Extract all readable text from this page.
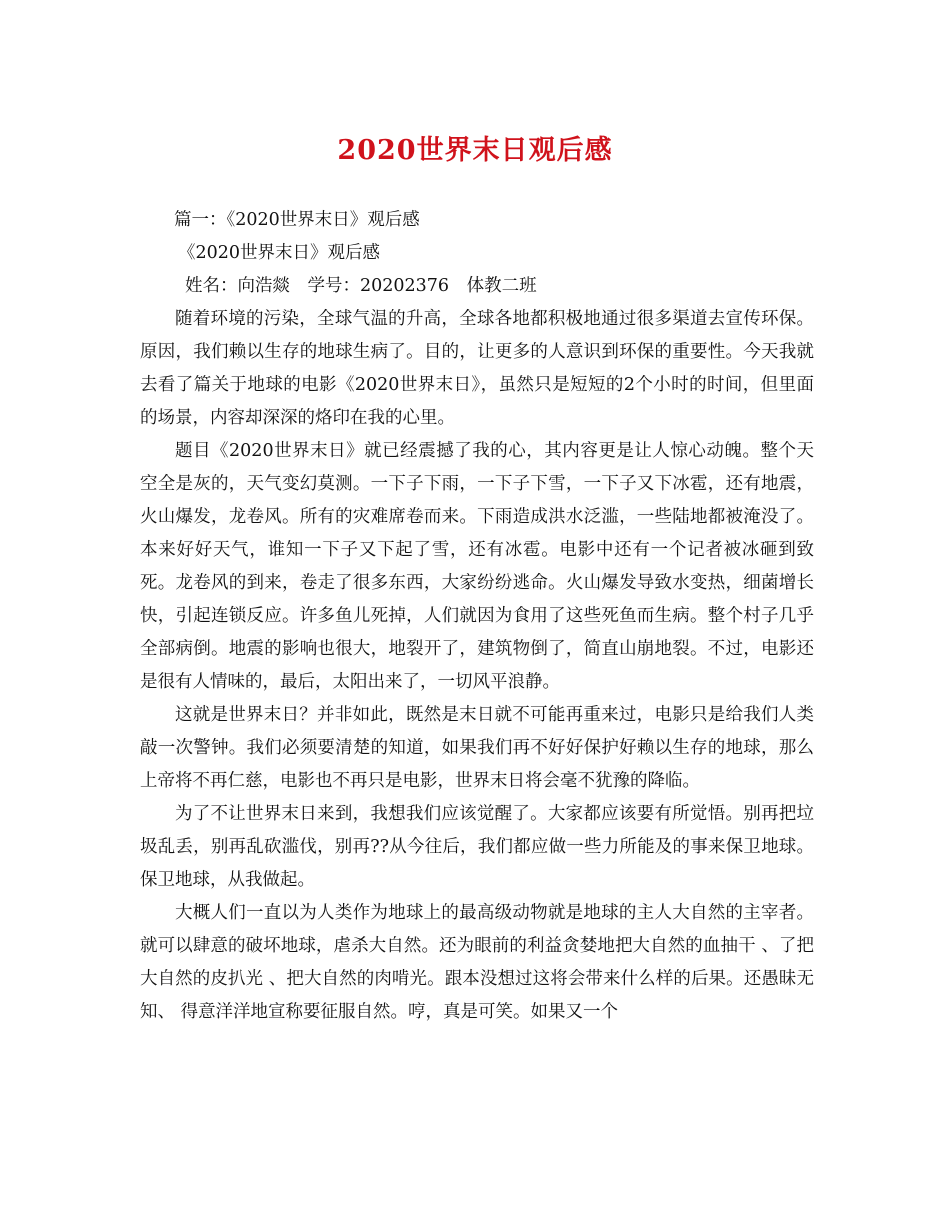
2020世界末日观后感

篇一：《2020世界末日》观后感

《2020世界末日》观后感

姓名：向浩燚　学号：20202376　体教二班

随着环境的污染，全球气温的升高，全球各地都积极地通过很多渠道去宣传环保。原因，我们赖以生存的地球生病了。目的，让更多的人意识到环保的重要性。今天我就去看了篇关于地球的电影《2020世界末日》，虽然只是短短的2个小时的时间，但里面的场景，内容却深深的烙印在我的心里。

题目《2020世界末日》就已经震撼了我的心，其内容更是让人惊心动魄。整个天空全是灰的，天气变幻莫测。一下子下雨，一下子下雪，一下子又下冰雹，还有地震，火山爆发，龙卷风。所有的灾难席卷而来。下雨造成洪水泛滥，一些陆地都被淹没了。本来好好天气，谁知一下子又下起了雪，还有冰雹。电影中还有一个记者被冰砸到致死。龙卷风的到来，卷走了很多东西，大家纷纷逃命。火山爆发导致水变热，细菌增长快，引起连锁反应。许多鱼儿死掉，人们就因为食用了这些死鱼而生病。整个村子几乎全部病倒。地震的影响也很大，地裂开了，建筑物倒了，简直山崩地裂。不过，电影还是很有人情味的，最后，太阳出来了，一切风平浪静。

这就是世界末日？并非如此，既然是末日就不可能再重来过，电影只是给我们人类敲一次警钟。我们必须要清楚的知道，如果我们再不好好保护好赖以生存的地球，那么上帝将不再仁慈，电影也不再只是电影，世界末日将会毫不犹豫的降临。

为了不让世界末日来到，我想我们应该觉醒了。大家都应该要有所觉悟。别再把垃圾乱丢，别再乱砍滥伐，别再??从今往后，我们都应做一些力所能及的事来保卫地球。保卫地球，从我做起。

大概人们一直以为人类作为地球上的最高级动物就是地球的主人大自然的主宰者。就可以肆意的破坏地球，虐杀大自然。还为眼前的利益贪婪地把大自然的血抽干 、了把大自然的皮扒光 、把大自然的肉啃光。跟本没想过这将会带来什么样的后果。还愚昧无知、 得意洋洋地宣称要征服自然。哼，真是可笑。如果又一个
